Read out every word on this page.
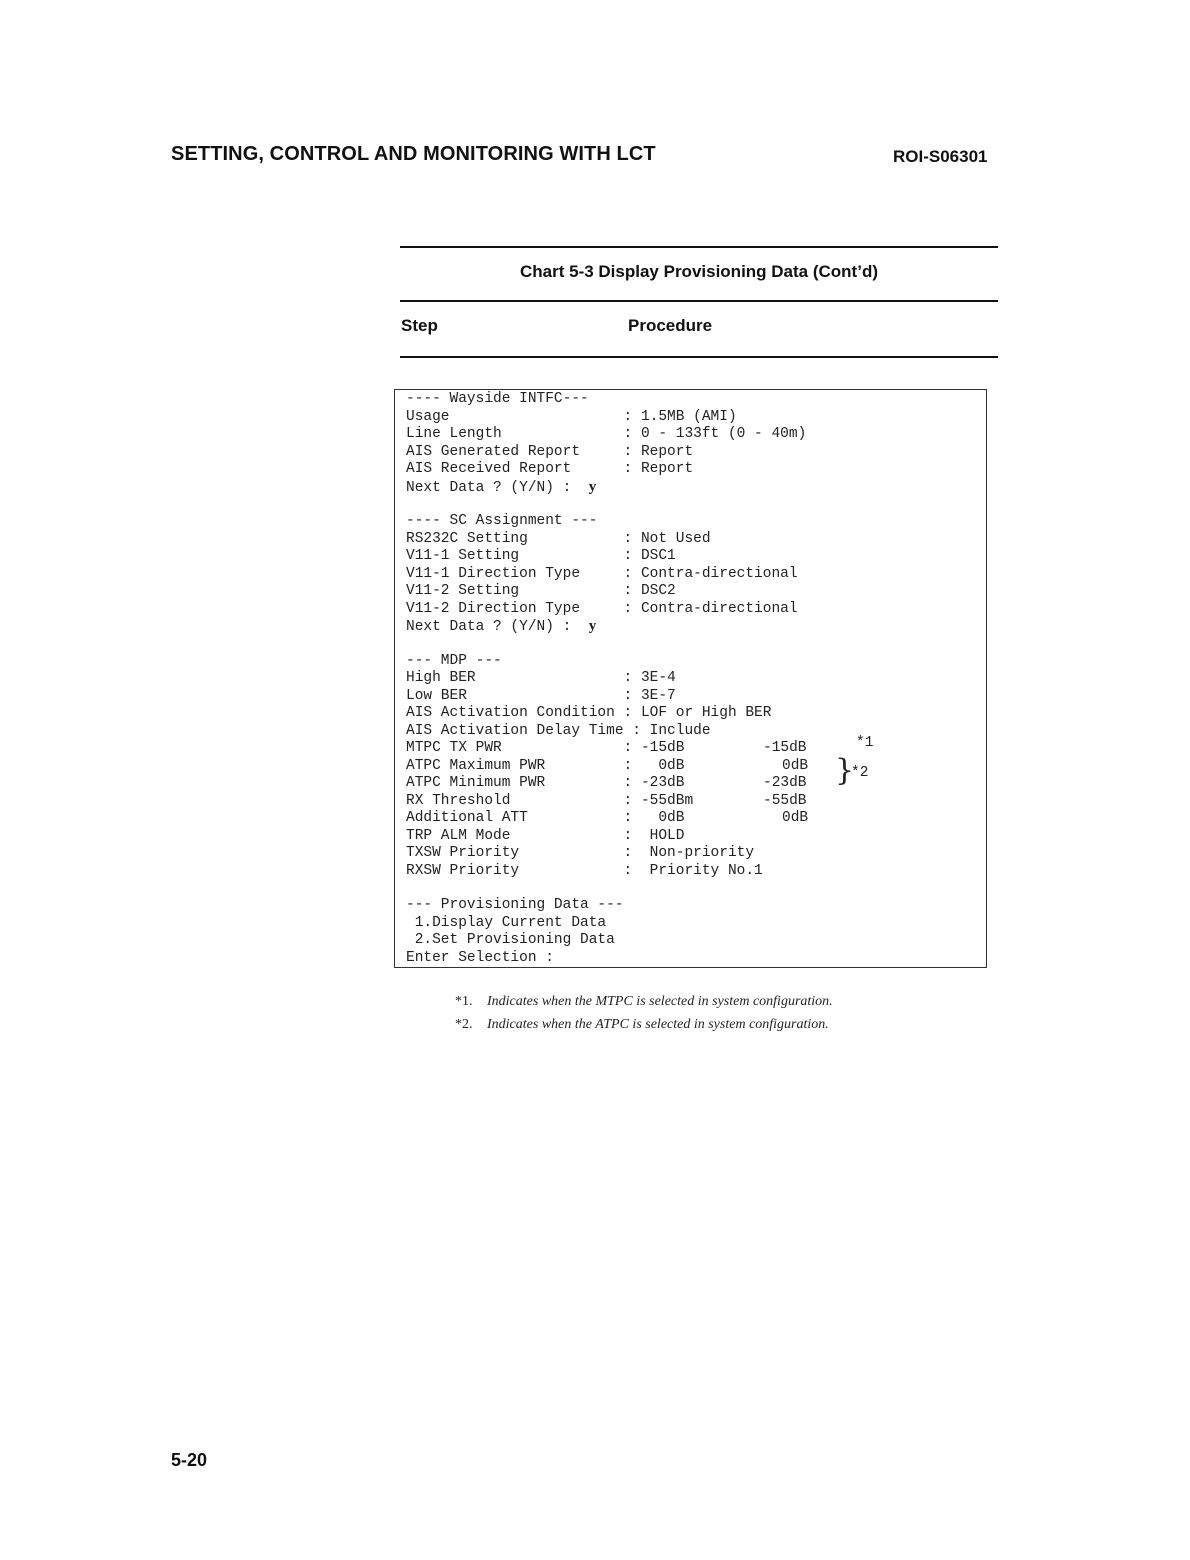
SETTING, CONTROL AND MONITORING WITH LCT	ROI-S06301
Chart 5-3 Display Provisioning Data (Cont’d)
Step	Procedure
---- Wayside INTFC---
Usage                    : 1.5MB (AMI)
Line Length              : 0 - 133ft (0 - 40m)
AIS Generated Report     : Report
AIS Received Report      : Report
Next Data ? (Y/N) :  y
---- SC Assignment ---
RS232C Setting           : Not Used
V11-1 Setting            : DSC1
V11-1 Direction Type     : Contra-directional
V11-2 Setting            : DSC2
V11-2 Direction Type     : Contra-directional
Next Data ? (Y/N) :  y
--- MDP ---
High BER                 : 3E-4
Low BER                  : 3E-7
AIS Activation Condition : LOF or High BER
AIS Activation Delay Time : Include
MTPC TX PWR              : -15dB	-15dB	*1
ATPC Maximum PWR         :   0dB	0dB }
*2
ATPC Minimum PWR         : -23dB	-23dB
RX Threshold             : -55dBm	-55dB
Additional ATT           :   0dB	0dB
TRP ALM Mode             :  HOLD
TXSW Priority            :  Non-priority
RXSW Priority            :  Priority No.1
--- Provisioning Data ---
1.Display Current Data
2.Set Provisioning Data
Enter Selection :
*1. Indicates when the MTPC is selected in system configuration.
*2. Indicates when the ATPC is selected in system configuration.
5-20
